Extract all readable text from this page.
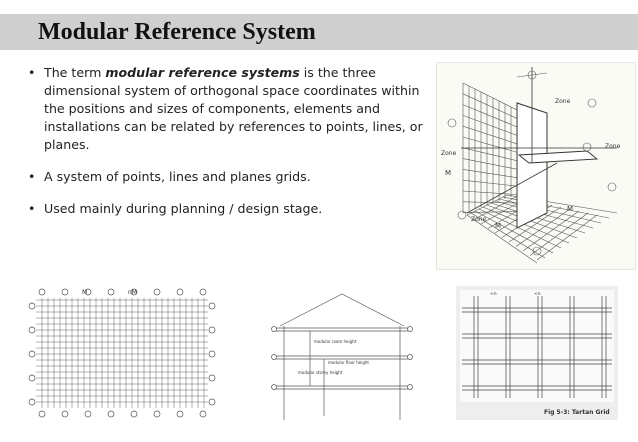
Modular Reference System
• The term modular reference systems is the three dimensional system of orthogonal space coordinates within the positions and sizes of components, elements and installations can be related by references to points, lines, or planes.
• A system of points, lines and planes grids.
• Used mainly during planning / design stage.
Zone
Zone
Zone
Zone
M
M
M
M	nM
modular room height
modular floor height
modular storey height
<n	<n
Fig 5-3: Tartan Grid
